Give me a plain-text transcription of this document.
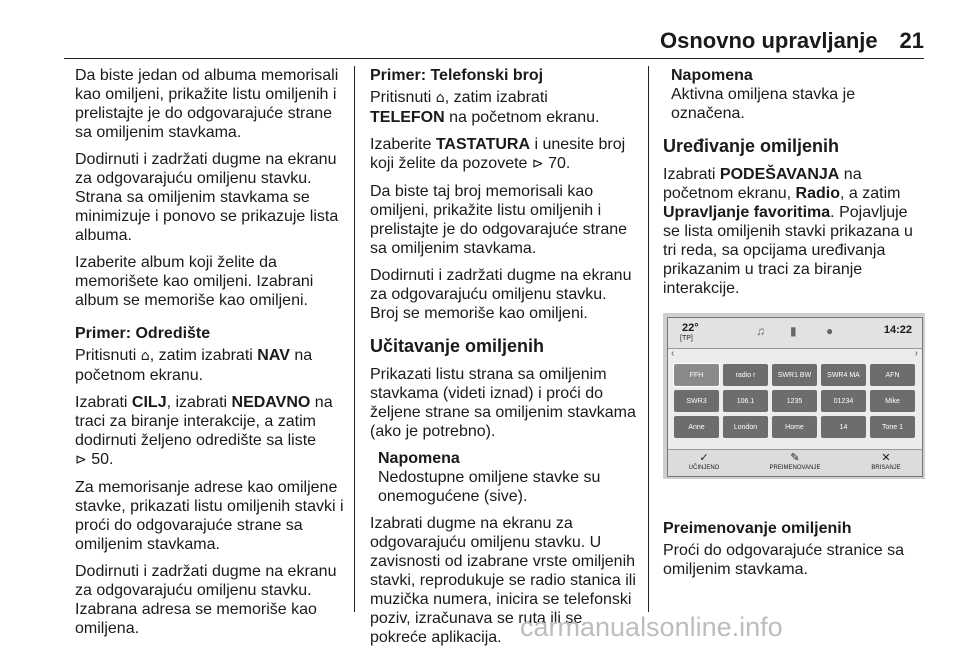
Osnovno upravljanje 21

Da biste jedan od albuma memorisali kao omiljeni, prikažite listu omiljenih i prelistajte je do odgovarajuće strane sa omiljenim stavkama.

Dodirnuti i zadržati dugme na ekranu za odgovarajuću omiljenu stavku. Strana sa omiljenim stavkama se minimizuje i ponovo se prikazuje lista albuma.

Izaberite album koji želite da memorišete kao omiljeni. Izabrani album se memoriše kao omiljeni.

Primer: Odredište

Pritisnuti ⌂, zatim izabrati NAV na početnom ekranu.

Izabrati CILJ, izabrati NEDAVNO na traci za biranje interakcije, a zatim dodirnuti željeno odredište sa liste
⊳ 50.

Za memorisanje adrese kao omiljene stavke, prikazati listu omiljenih stavki i proći do odgovarajuće strane sa omiljenim stavkama.

Dodirnuti i zadržati dugme na ekranu za odgovarajuću omiljenu stavku. Izabrana adresa se memoriše kao omiljena.

Primer: Telefonski broj

Pritisnuti ⌂, zatim izabrati
TELEFON na početnom ekranu.

Izaberite TASTATURA i unesite broj koji želite da pozovete ⊳ 70.

Da biste taj broj memorisali kao omiljeni, prikažite listu omiljenih i prelistajte je do odgovarajuće strane sa omiljenim stavkama.

Dodirnuti i zadržati dugme na ekranu za odgovarajuću omiljenu stavku. Broj se memoriše kao omiljeni.

Učitavanje omiljenih

Prikazati listu strana sa omiljenim stavkama (videti iznad) i proći do željene strane sa omiljenim stavkama (ako je potrebno).

Napomena
Nedostupne omiljene stavke su onemogućene (sive).

Izabrati dugme na ekranu za odgovarajuću omiljenu stavku. U zavisnosti od izabrane vrste omiljenih stavki, reprodukuje se radio stanica ili muzička numera, inicira se telefonski poziv, izračunava se ruta ili se pokreće aplikacija.

Napomena
Aktivna omiljena stavka je označena.
Uređivanje omiljenih

Izabrati PODEŠAVANJA na početnom ekranu, Radio, a zatim Upravljanje favoritima. Pojavljuje se lista omiljenih stavki prikazana u tri reda, sa opcijama uređivanja prikazanim u traci za biranje interakcije.

22°
[TP]
♫ ▮ ●	14:22
‹	›
FFH	radio r	SWR1 BW	SWR4 MA	AFN
SWR3	106.1	1235	01234	Mike
Anne	London	Home	14	Tone 1
✓
UČINJENO
✎
PREIMENOVANJE
✕
BRISANJE
Preimenovanje omiljenih

Proći do odgovarajuće stranice sa omiljenim stavkama.

carmanualsonline.info
